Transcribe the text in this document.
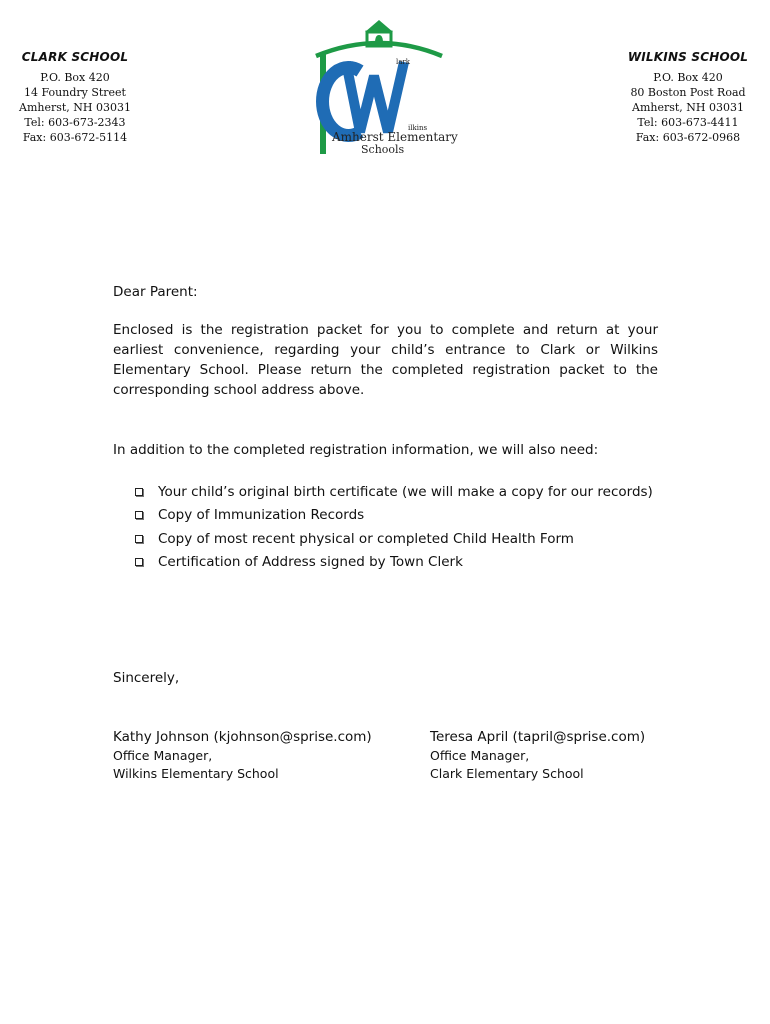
CLARK SCHOOL
P.O. Box 420
14 Foundry Street
Amherst, NH 03031
Tel: 603-673-2343
Fax: 603-672-5114
lark
ilkins
Amherst Elementary
Schools
WILKINS SCHOOL
P.O. Box 420
80 Boston Post Road
Amherst, NH 03031
Tel: 603-673-4411
Fax: 603-672-0968
Dear Parent:
Enclosed is the registration packet for you to complete and return at your earliest convenience, regarding your child’s entrance to Clark or Wilkins Elementary School. Please return the completed registration packet to the corresponding school address above.
In addition to the completed registration information, we will also need:
Your child’s original birth certificate (we will make a copy for our records)
Copy of Immunization Records
Copy of most recent physical or completed Child Health Form
Certification of Address signed by Town Clerk
Sincerely,
Kathy Johnson (kjohnson@sprise.com)
Office Manager,
Wilkins Elementary School
Teresa April (tapril@sprise.com)
Office Manager,
Clark Elementary School
